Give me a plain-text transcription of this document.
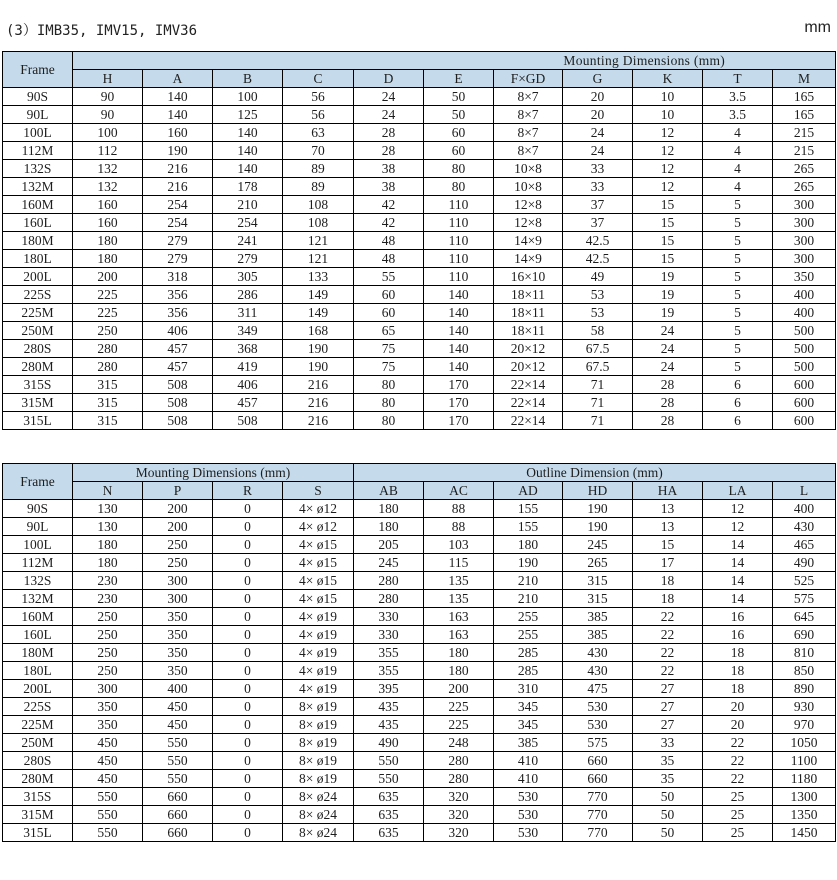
(3）IMB35, IMV15, IMV36	mm
Frame	Mounting Dimensions (mm)										
	H	A	B	C	D	E	F×GD	G	K	T	M
90S	90	140	100	56	24	50	8×7	20	10	3.5	165
90L	90	140	125	56	24	50	8×7	20	10	3.5	165
100L	100	160	140	63	28	60	8×7	24	12	4	215
112M	112	190	140	70	28	60	8×7	24	12	4	215
132S	132	216	140	89	38	80	10×8	33	12	4	265
132M	132	216	178	89	38	80	10×8	33	12	4	265
160M	160	254	210	108	42	110	12×8	37	15	5	300
160L	160	254	254	108	42	110	12×8	37	15	5	300
180M	180	279	241	121	48	110	14×9	42.5	15	5	300
180L	180	279	279	121	48	110	14×9	42.5	15	5	300
200L	200	318	305	133	55	110	16×10	49	19	5	350
225S	225	356	286	149	60	140	18×11	53	19	5	400
225M	225	356	311	149	60	140	18×11	53	19	5	400
250M	250	406	349	168	65	140	18×11	58	24	5	500
280S	280	457	368	190	75	140	20×12	67.5	24	5	500
280M	280	457	419	190	75	140	20×12	67.5	24	5	500
315S	315	508	406	216	80	170	22×14	71	28	6	600
315M	315	508	457	216	80	170	22×14	71	28	6	600
315L	315	508	508	216	80	170	22×14	71	28	6	600
Frame	Mounting Dimensions (mm)				Outline Dimension (mm)						
	N	P	R	S	AB	AC	AD	HD	HA	LA	L
90S	130	200	0	4× ø12	180	88	155	190	13	12	400
90L	130	200	0	4× ø12	180	88	155	190	13	12	430
100L	180	250	0	4× ø15	205	103	180	245	15	14	465
112M	180	250	0	4× ø15	245	115	190	265	17	14	490
132S	230	300	0	4× ø15	280	135	210	315	18	14	525
132M	230	300	0	4× ø15	280	135	210	315	18	14	575
160M	250	350	0	4× ø19	330	163	255	385	22	16	645
160L	250	350	0	4× ø19	330	163	255	385	22	16	690
180M	250	350	0	4× ø19	355	180	285	430	22	18	810
180L	250	350	0	4× ø19	355	180	285	430	22	18	850
200L	300	400	0	4× ø19	395	200	310	475	27	18	890
225S	350	450	0	8× ø19	435	225	345	530	27	20	930
225M	350	450	0	8× ø19	435	225	345	530	27	20	970
250M	450	550	0	8× ø19	490	248	385	575	33	22	1050
280S	450	550	0	8× ø19	550	280	410	660	35	22	1100
280M	450	550	0	8× ø19	550	280	410	660	35	22	1180
315S	550	660	0	8× ø24	635	320	530	770	50	25	1300
315M	550	660	0	8× ø24	635	320	530	770	50	25	1350
315L	550	660	0	8× ø24	635	320	530	770	50	25	1450
